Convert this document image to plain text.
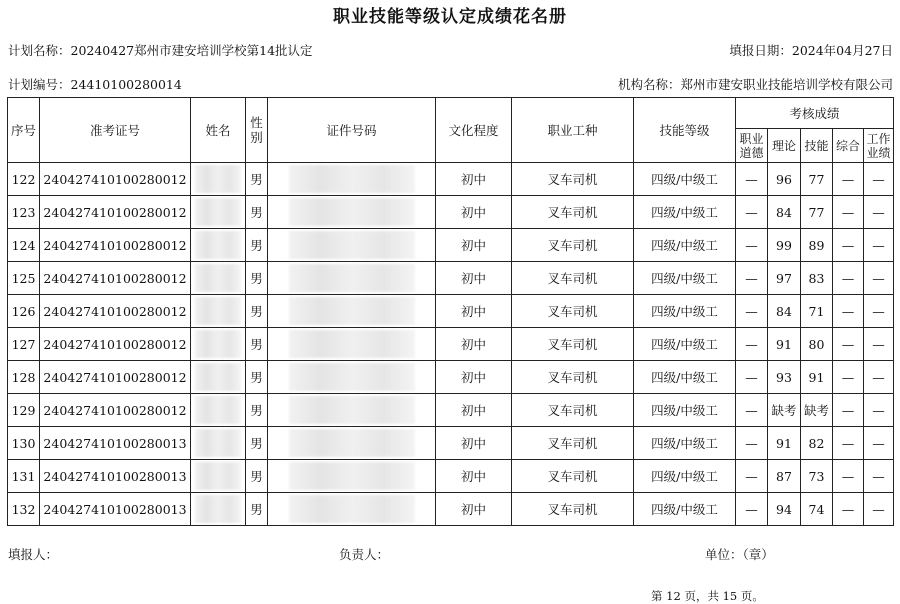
职业技能等级认定成绩花名册
计划名称：20240427郑州市建安培训学校第14批认定	填报日期：2024年04月27日
计划编号：24410100280014	机构名称：郑州市建安职业技能培训学校有限公司
序号	准考证号	姓名	性别	证件号码	文化程度	职业工种	技能等级	考核成绩				
								职业道德	理论	技能	综合	工作业绩
122	240427410100280012		男		初中	叉车司机	四级/中级工	—	96	77	—	—
123	240427410100280012		男		初中	叉车司机	四级/中级工	—	84	77	—	—
124	240427410100280012		男		初中	叉车司机	四级/中级工	—	99	89	—	—
125	240427410100280012		男		初中	叉车司机	四级/中级工	—	97	83	—	—
126	240427410100280012		男		初中	叉车司机	四级/中级工	—	84	71	—	—
127	240427410100280012		男		初中	叉车司机	四级/中级工	—	91	80	—	—
128	240427410100280012		男		初中	叉车司机	四级/中级工	—	93	91	—	—
129	240427410100280012		男		初中	叉车司机	四级/中级工	—	缺考	缺考	—	—
130	240427410100280013		男		初中	叉车司机	四级/中级工	—	91	82	—	—
131	240427410100280013		男		初中	叉车司机	四级/中级工	—	87	73	—	—
132	240427410100280013		男		初中	叉车司机	四级/中级工	—	94	74	—	—
填报人：	负责人：	单位：（章）
第 12 页，共 15 页。
